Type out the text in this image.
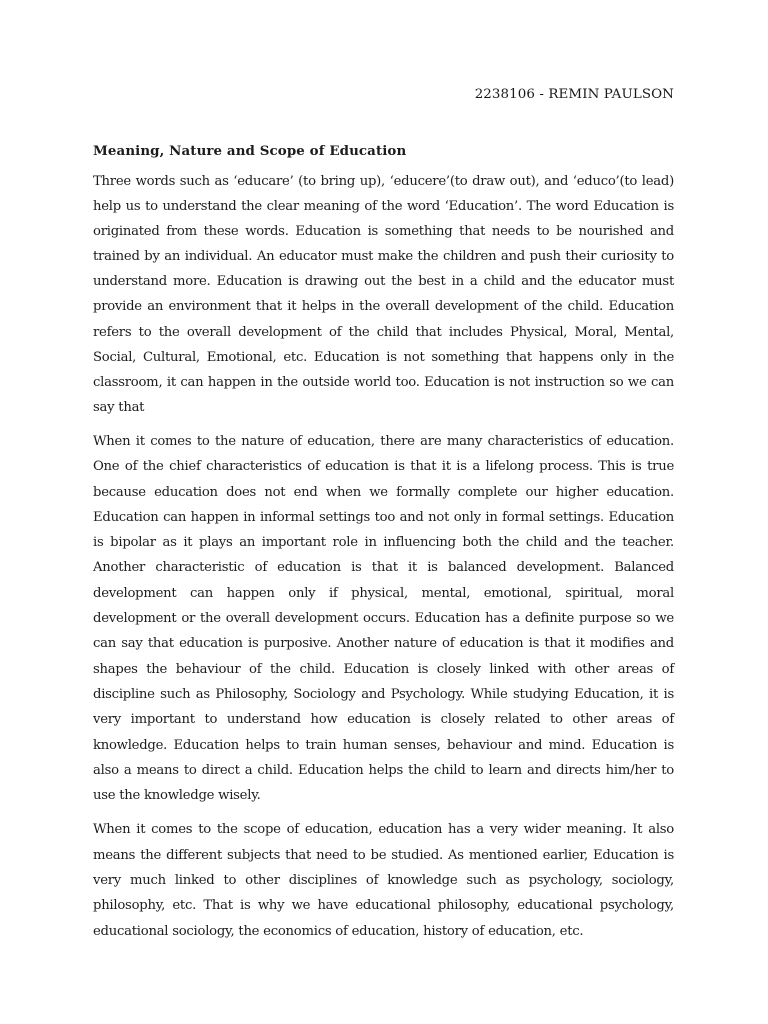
2238106 - REMIN PAULSON
Meaning, Nature and Scope of Education

Three words such as ‘educare’ (to bring up), ‘educere’(to draw out), and ‘educo’(to lead) help us to understand the clear meaning of the word ‘Education’. The word Education is originated from these words. Education is something that needs to be nourished and trained by an individual. An educator must make the children and push their curiosity to understand more. Education is drawing out the best in a child and the educator must provide an environment that it helps in the overall development of the child. Education refers to the overall development of the child that includes Physical, Moral, Mental, Social, Cultural, Emotional, etc. Education is not something that happens only in the classroom, it can happen in the outside world too. Education is not instruction so we can say that

When it comes to the nature of education, there are many characteristics of education. One of the chief characteristics of education is that it is a lifelong process. This is true because education does not end when we formally complete our higher education. Education can happen in informal settings too and not only in formal settings. Education is bipolar as it plays an important role in influencing both the child and the teacher. Another characteristic of education is that it is balanced development. Balanced development can happen only if physical, mental, emotional, spiritual, moral development or the overall development occurs. Education has a definite purpose so we can say that education is purposive. Another nature of education is that it modifies and shapes the behaviour of the child. Education is closely linked with other areas of discipline such as Philosophy, Sociology and Psychology. While studying Education, it is very important to understand how education is closely related to other areas of knowledge. Education helps to train human senses, behaviour and mind. Education is also a means to direct a child. Education helps the child to learn and directs him/her to use the knowledge wisely.

When it comes to the scope of education, education has a very wider meaning. It also means the different subjects that need to be studied. As mentioned earlier, Education is very much linked to other disciplines of knowledge such as psychology, sociology, philosophy, etc. That is why we have educational philosophy, educational psychology, educational sociology, the economics of education, history of education, etc.
